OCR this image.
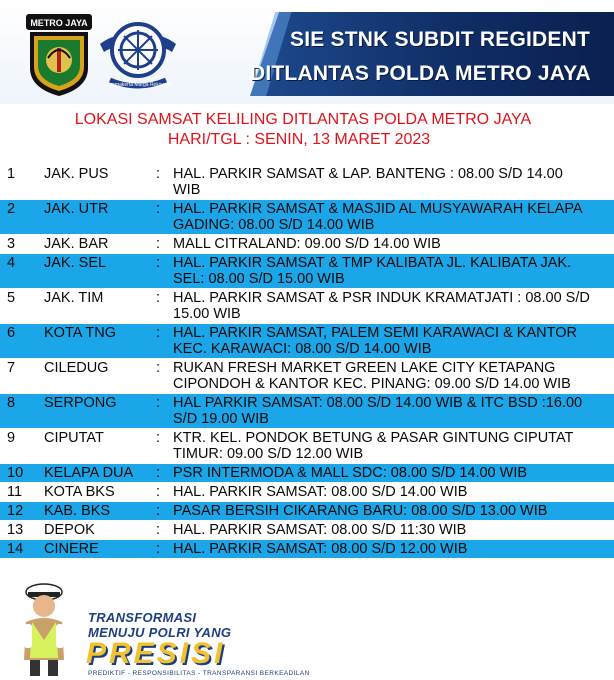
METRO JAYA
Dharmakerta Marga Reksyaka
SIE STNK SUBDIT REGIDENT
DITLANTAS POLDA METRO JAYA
LOKASI SAMSAT KELILING DITLANTAS POLDA METRO JAYA
HARI/TGL : SENIN, 13 MARET 2023
1 JAK. PUS	: HAL. PARKIR SAMSAT & LAP. BANTENG : 08.00 S/D 14.00 WIB
2 JAK. UTR	: HAL. PARKIR SAMSAT & MASJID AL MUSYAWARAH KELAPA GADING: 08.00 S/D 14.00 WIB
3 JAK. BAR	: MALL CITRALAND: 09.00 S/D 14.00 WIB
4 JAK. SEL	: HAL. PARKIR SAMSAT & TMP KALIBATA JL. KALIBATA JAK. SEL: 08.00 S/D 15.00 WIB
5 JAK. TIM	: HAL. PARKIR SAMSAT & PSR INDUK KRAMATJATI : 08.00 S/D 15.00 WIB
6 KOTA TNG	: HAL. PARKIR SAMSAT, PALEM SEMI KARAWACI & KANTOR KEC. KARAWACI: 08.00 S/D 14.00 WIB
7 CILEDUG	: RUKAN FRESH MARKET GREEN LAKE CITY KETAPANG CIPONDOH & KANTOR KEC. PINANG: 09.00 S/D 14.00 WIB
8 SERPONG	: HAL PARKIR SAMSAT: 08.00 S/D 14.00 WIB & ITC BSD :16.00 S/D 19.00 WIB
9 CIPUTAT	: KTR. KEL. PONDOK BETUNG & PASAR GINTUNG CIPUTAT TIMUR: 09.00 S/D 12.00 WIB
10 KELAPA DUA : PSR INTERMODA & MALL SDC: 08.00 S/D 14.00 WIB
11 KOTA BKS	: HAL. PARKIR SAMSAT: 08.00 S/D 14.00 WIB
12 KAB. BKS	: PASAR BERSIH CIKARANG BARU: 08.00 S/D 13.00 WIB
13 DEPOK	: HAL. PARKIR SAMSAT: 08.00 S/D 11:30 WIB
14 CINERE	: HAL. PARKIR SAMSAT: 08.00 S/D 12.00 WIB
TRANSFORMASI
MENUJU POLRI YANG
PRESISI
PREDIKTIF - RESPONSIBILITAS - TRANSPARANSI BERKEADILAN
